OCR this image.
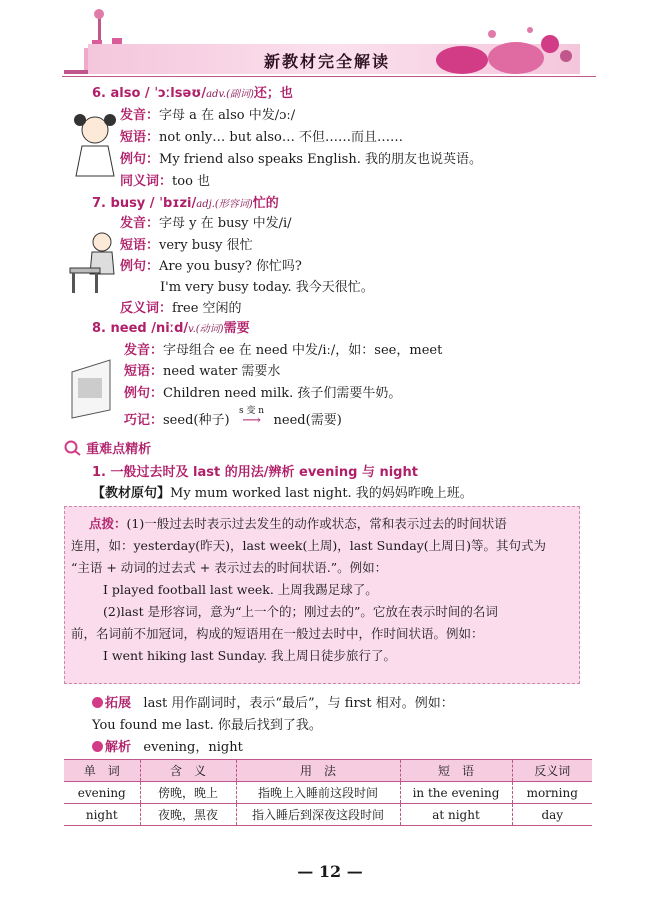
新教材完全解读
6. also / ˈɔːlsəʊ/adv.(副词)还；也
发音：字母 a 在 also 中发/ɔː/
短语：not only… but also… 不但……而且……
例句：My friend also speaks English. 我的朋友也说英语。
同义词：too 也
7. busy / ˈbɪzi/adj.(形容词)忙的
发音：字母 y 在 busy 中发/i/
短语：very busy 很忙
例句：Are you busy? 你忙吗?
I'm very busy today. 我今天很忙。
反义词：free 空闲的
8. need /niːd/v.(动词)需要
发音：字母组合 ee 在 need 中发/iː/，如：see，meet
短语：need water 需要水
例句：Children need milk. 孩子们需要牛奶。
巧记：seed(种子)
s 变 n
⟶ need(需要)
重难点精析
1. 一般过去时及 last 的用法/辨析 evening 与 night
【教材原句】My mum worked last night. 我的妈妈昨晚上班。
点拨：(1)一般过去时表示过去发生的动作或状态，常和表示过去的时间状语
连用，如：yesterday(昨天)，last week(上周)，last Sunday(上周日)等。其句式为
“主语 + 动词的过去式 + 表示过去的时间状语.”。例如：
I played football last week. 上周我踢足球了。
(2)last 是形容词，意为“上一个的；刚过去的”。它放在表示时间的名词
前，名词前不加冠词，构成的短语用在一般过去时中，作时间状语。例如：
I went hiking last Sunday. 我上周日徒步旅行了。
拓展 last 用作副词时，表示“最后”，与 first 相对。例如：
You found me last. 你最后找到了我。
解析 evening，night
单　词	含　义	用　法	短　语	反义词
evening	傍晚，晚上	指晚上入睡前这段时间	in the evening	morning
night	夜晚，黑夜	指入睡后到深夜这段时间	at night	day
— 12 —
